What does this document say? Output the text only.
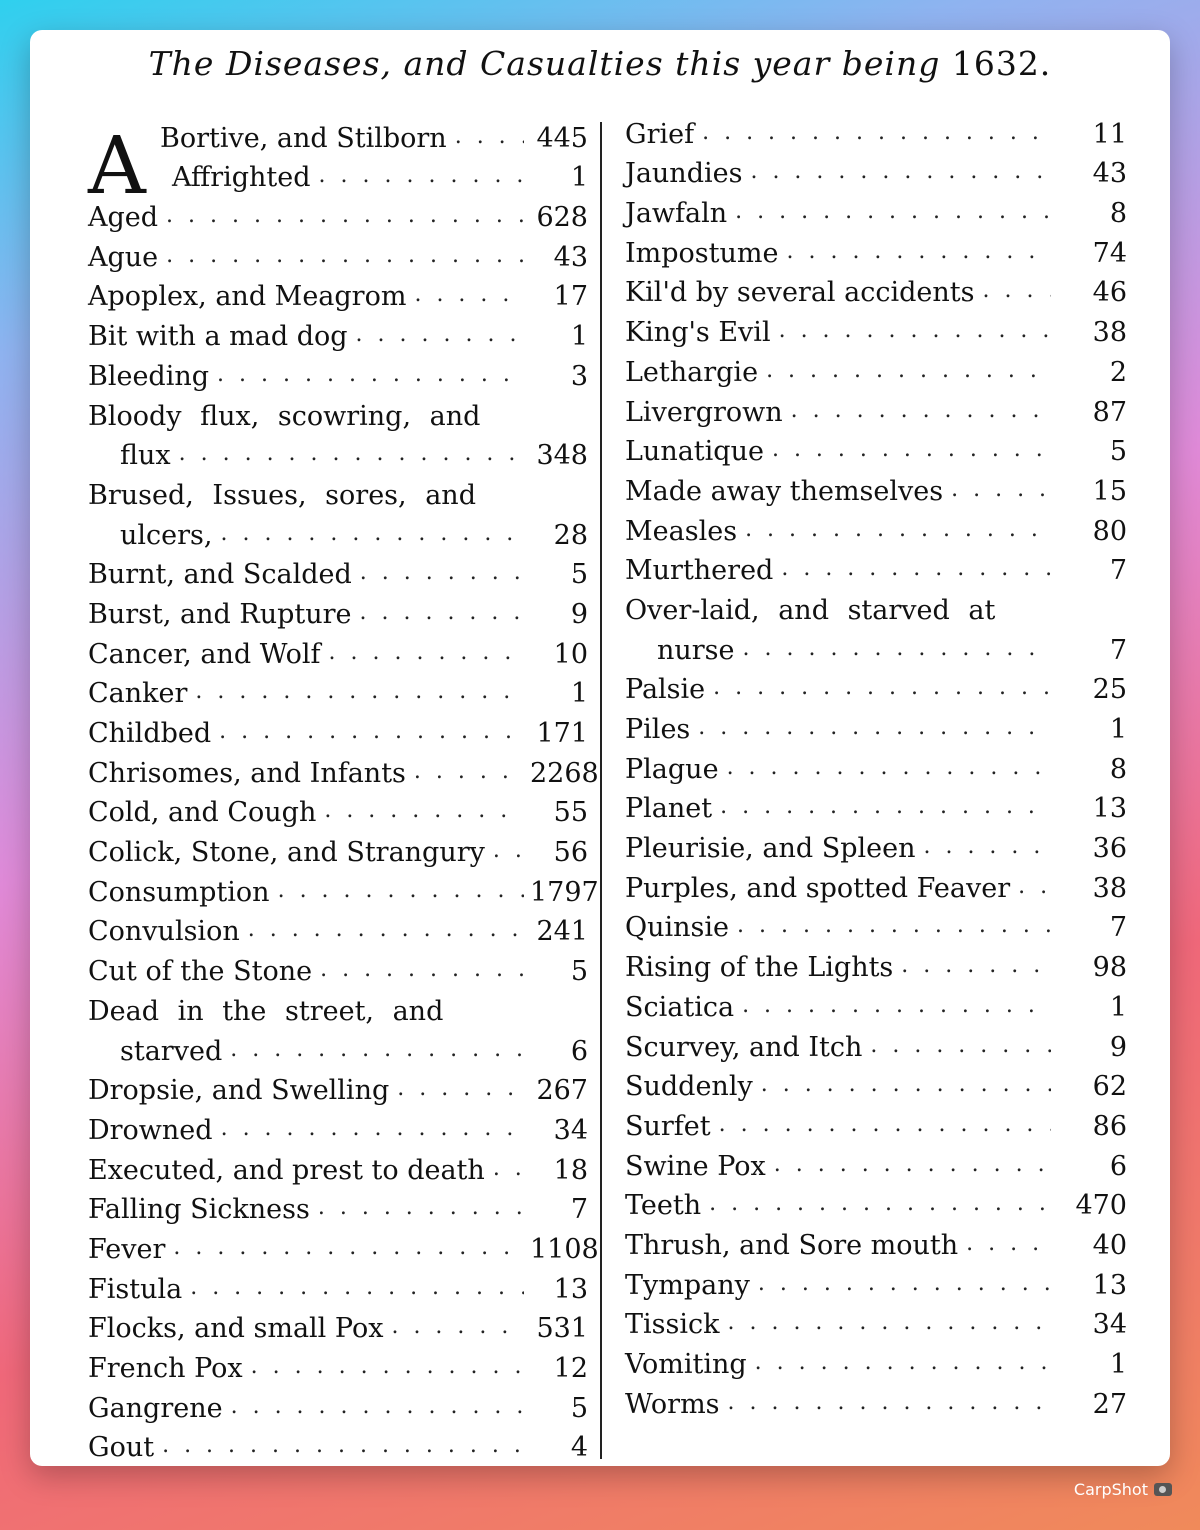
The Diseases, and Casualties this year being 1632.
A Bortive, and Stilborn . . .	445
Affrighted . . .	1
Aged . . .	628
Ague . . .	43
Apoplex, and Meagrom . . .	17
Bit with a mad dog . . .	1
Bleeding . . .	3
Bloody flux, scowring, and
flux . . .	348
Brused, Issues, sores, and
ulcers, . . .	28
Burnt, and Scalded . . .	5
Burst, and Rupture . . .	9
Cancer, and Wolf . . .	10
Canker . . .	1
Childbed . . .	171
Chrisomes, and Infants . . .	2268
Cold, and Cough . . .	55
Colick, Stone, and Strangury . . .	56
Consumption . . .	1797
Convulsion . . .	241
Cut of the Stone . . .	5
Dead in the street, and
starved . . .	6
Dropsie, and Swelling . . .	267
Drowned . . .	34
Executed, and prest to death . . .	18
Falling Sickness . . .	7
Fever . . .	1108
Fistula . . .	13
Flocks, and small Pox . . .	531
French Pox . . .	12
Gangrene . . .	5
Gout . . .	4
Grief . . .	11
Jaundies . . .	43
Jawfaln . . .	8
Impostume . . .	74
Kil'd by several accidents . . .	46
King's Evil . . .	38
Lethargie . . .	2
Livergrown . . .	87
Lunatique . . .	5
Made away themselves . . .	15
Measles . . .	80
Murthered . . .	7
Over-laid, and starved at
nurse . . .	7
Palsie . . .	25
Piles . . .	1
Plague . . .	8
Planet . . .	13
Pleurisie, and Spleen . . .	36
Purples, and spotted Feaver . . .	38
Quinsie . . .	7
Rising of the Lights . . .	98
Sciatica . . .	1
Scurvey, and Itch . . .	9
Suddenly . . .	62
Surfet . . .	86
Swine Pox . . .	6
Teeth . . .	470
Thrush, and Sore mouth . . .	40
Tympany . . .	13
Tissick . . .	34
Vomiting . . .	1
Worms . . .	27
CarpShot
